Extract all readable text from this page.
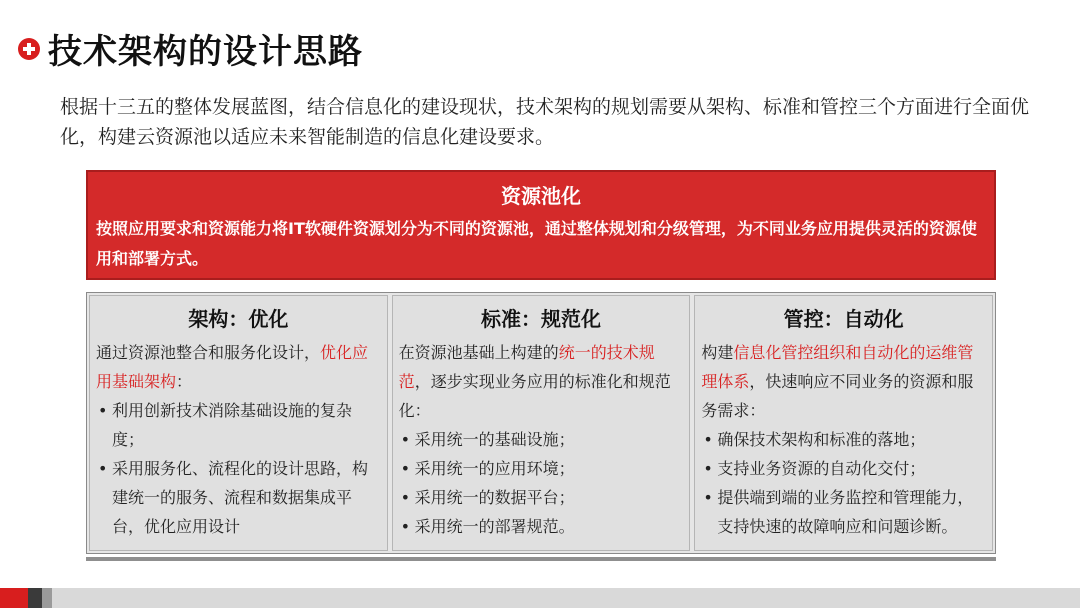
技术架构的设计思路
根据十三五的整体发展蓝图，结合信息化的建设现状，技术架构的规划需要从架构、标准和管控三个方面进行全面优化，构建云资源池以适应未来智能制造的信息化建设要求。
资源池化
按照应用要求和资源能力将IT软硬件资源划分为不同的资源池，通过整体规划和分级管理，为不同业务应用提供灵活的资源使用和部署方式。
架构：优化
通过资源池整合和服务化设计，优化应用基础架构：
• 利用创新技术消除基础设施的复杂度；
• 采用服务化、流程化的设计思路，构建统一的服务、流程和数据集成平台，优化应用设计
标准：规范化
在资源池基础上构建的统一的技术规范，逐步实现业务应用的标准化和规范化：
• 采用统一的基础设施；
• 采用统一的应用环境；
• 采用统一的数据平台；
• 采用统一的部署规范。
管控：自动化
构建信息化管控组织和自动化的运维管理体系，快速响应不同业务的资源和服务需求：
• 确保技术架构和标准的落地；
• 支持业务资源的自动化交付；
• 提供端到端的业务监控和管理能力，支持快速的故障响应和问题诊断。
